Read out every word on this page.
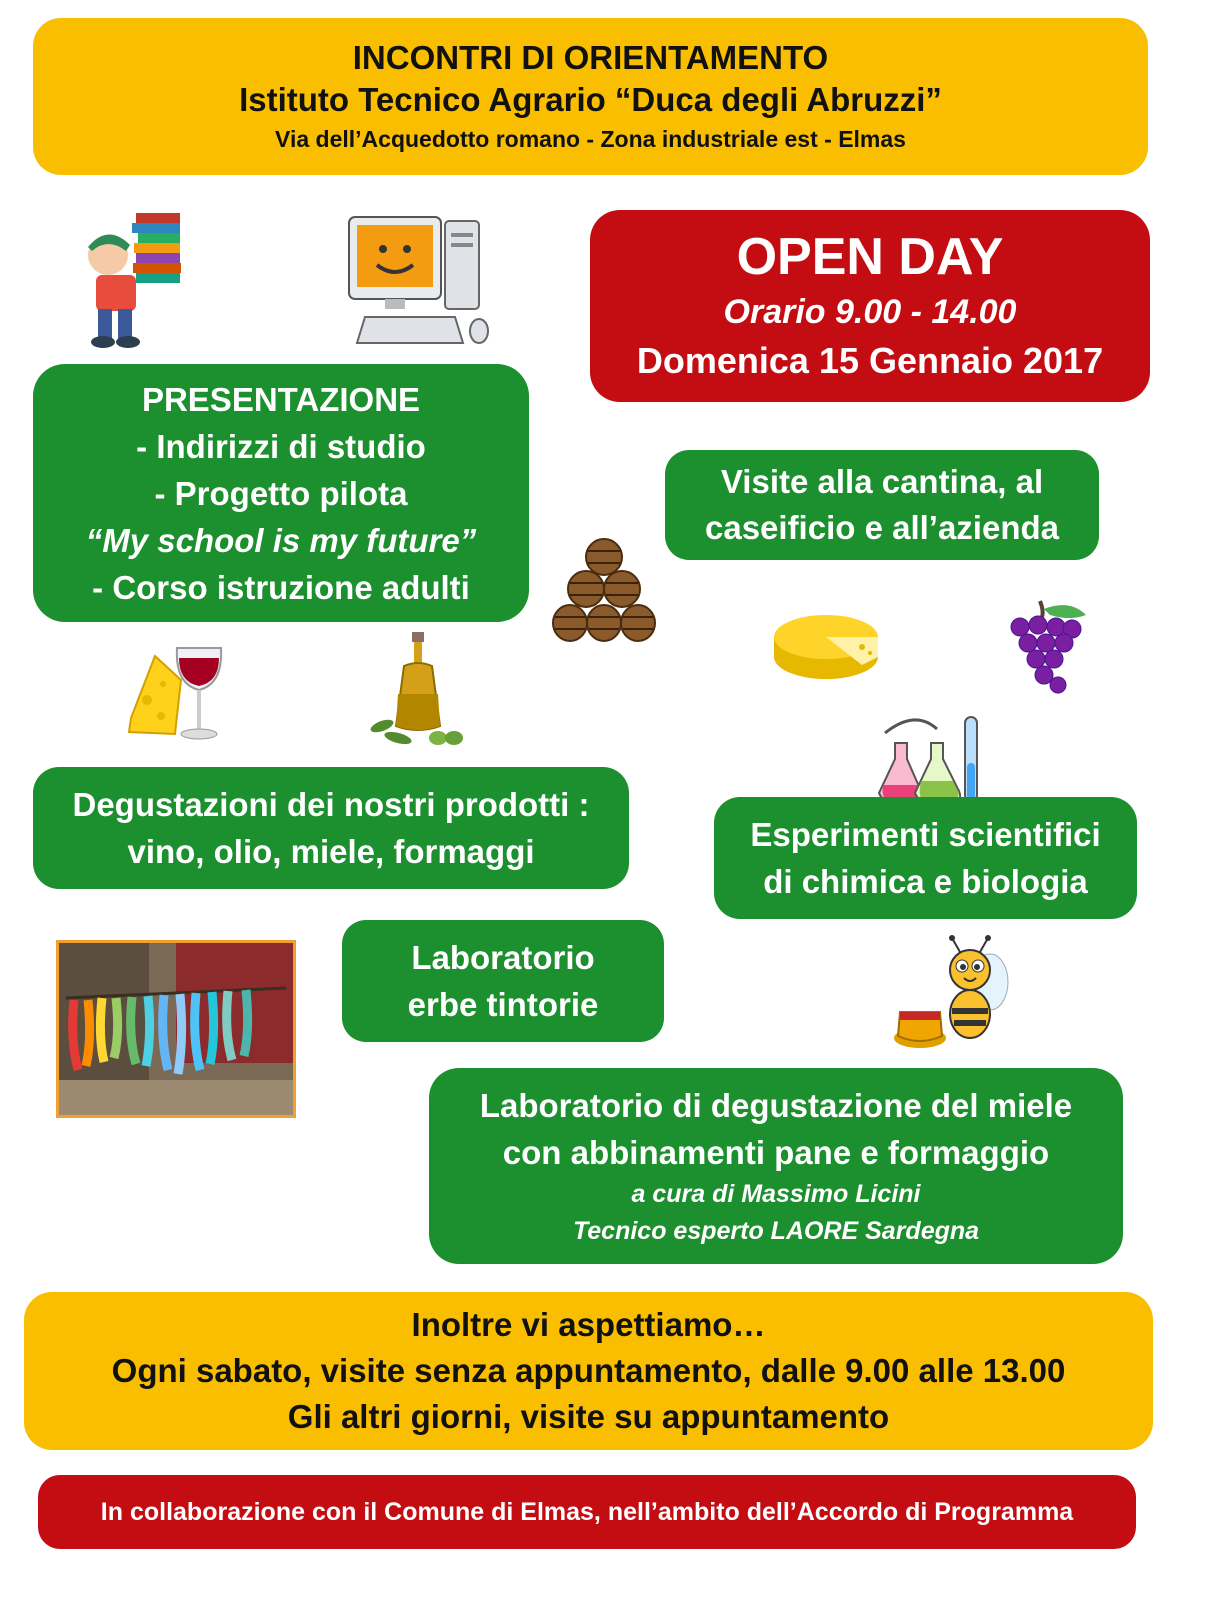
INCONTRI DI ORIENTAMENTO
Istituto Tecnico Agrario “Duca degli Abruzzi”
Via dell’Acquedotto romano - Zona industriale est - Elmas
OPEN DAY
Orario 9.00 - 14.00
Domenica 15 Gennaio 2017
PRESENTAZIONE
- Indirizzi di studio
- Progetto pilota
“My school is my future”
- Corso istruzione adulti
Visite alla cantina, al
caseificio e all’azienda
Degustazioni dei nostri prodotti :
vino, olio, miele, formaggi	Esperimenti scientifici
di chimica e biologia
Laboratorio
erbe tintorie
Laboratorio di degustazione del miele
con abbinamenti pane e formaggio
a cura di Massimo Licini
Tecnico esperto LAORE Sardegna
Inoltre vi aspettiamo…
Ogni sabato, visite senza appuntamento, dalle 9.00 alle 13.00
Gli altri giorni, visite su appuntamento
In collaborazione con il Comune di Elmas, nell’ambito dell’Accordo di Programma
